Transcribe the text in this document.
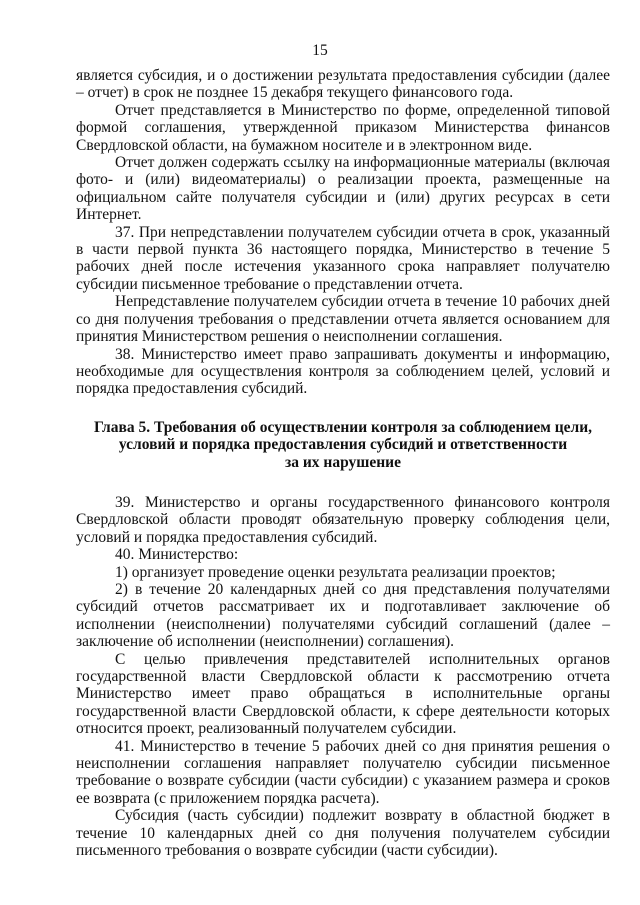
15

является субсидия, и о достижении результата предоставления субсидии (далее – отчет) в срок не позднее 15 декабря текущего финансового года.

Отчет представляется в Министерство по форме, определенной типовой формой соглашения, утвержденной приказом Министерства финансов Свердловской области, на бумажном носителе и в электронном виде.

Отчет должен содержать ссылку на информационные материалы (включая фото- и (или) видеоматериалы) о реализации проекта, размещенные на официальном сайте получателя субсидии и (или) других ресурсах в сети Интернет.

37. При непредставлении получателем субсидии отчета в срок, указанный в части первой пункта 36 настоящего порядка, Министерство в течение 5 рабочих дней после истечения указанного срока направляет получателю субсидии письменное требование о представлении отчета.

Непредставление получателем субсидии отчета в течение 10 рабочих дней со дня получения требования о представлении отчета является основанием для принятия Министерством решения о неисполнении соглашения.

38. Министерство имеет право запрашивать документы и информацию, необходимые для осуществления контроля за соблюдением целей, условий и порядка предоставления субсидий.

Глава 5. Требования об осуществлении контроля за соблюдением цели,
условий и порядка предоставления субсидий и ответственности
за их нарушение

39. Министерство и органы государственного финансового контроля Свердловской области проводят обязательную проверку соблюдения цели, условий и порядка предоставления субсидий.

40. Министерство:

1) организует проведение оценки результата реализации проектов;

2) в течение 20 календарных дней со дня представления получателями субсидий отчетов рассматривает их и подготавливает заключение об исполнении (неисполнении) получателями субсидий соглашений (далее – заключение об исполнении (неисполнении) соглашения).

С целью привлечения представителей исполнительных органов государственной власти Свердловской области к рассмотрению отчета Министерство имеет право обращаться в исполнительные органы государственной власти Свердловской области, к сфере деятельности которых относится проект, реализованный получателем субсидии.

41. Министерство в течение 5 рабочих дней со дня принятия решения о неисполнении соглашения направляет получателю субсидии письменное требование о возврате субсидии (части субсидии) с указанием размера и сроков ее возврата (с приложением порядка расчета).

Субсидия (часть субсидии) подлежит возврату в областной бюджет в течение 10 календарных дней со дня получения получателем субсидии письменного требования о возврате субсидии (части субсидии).
